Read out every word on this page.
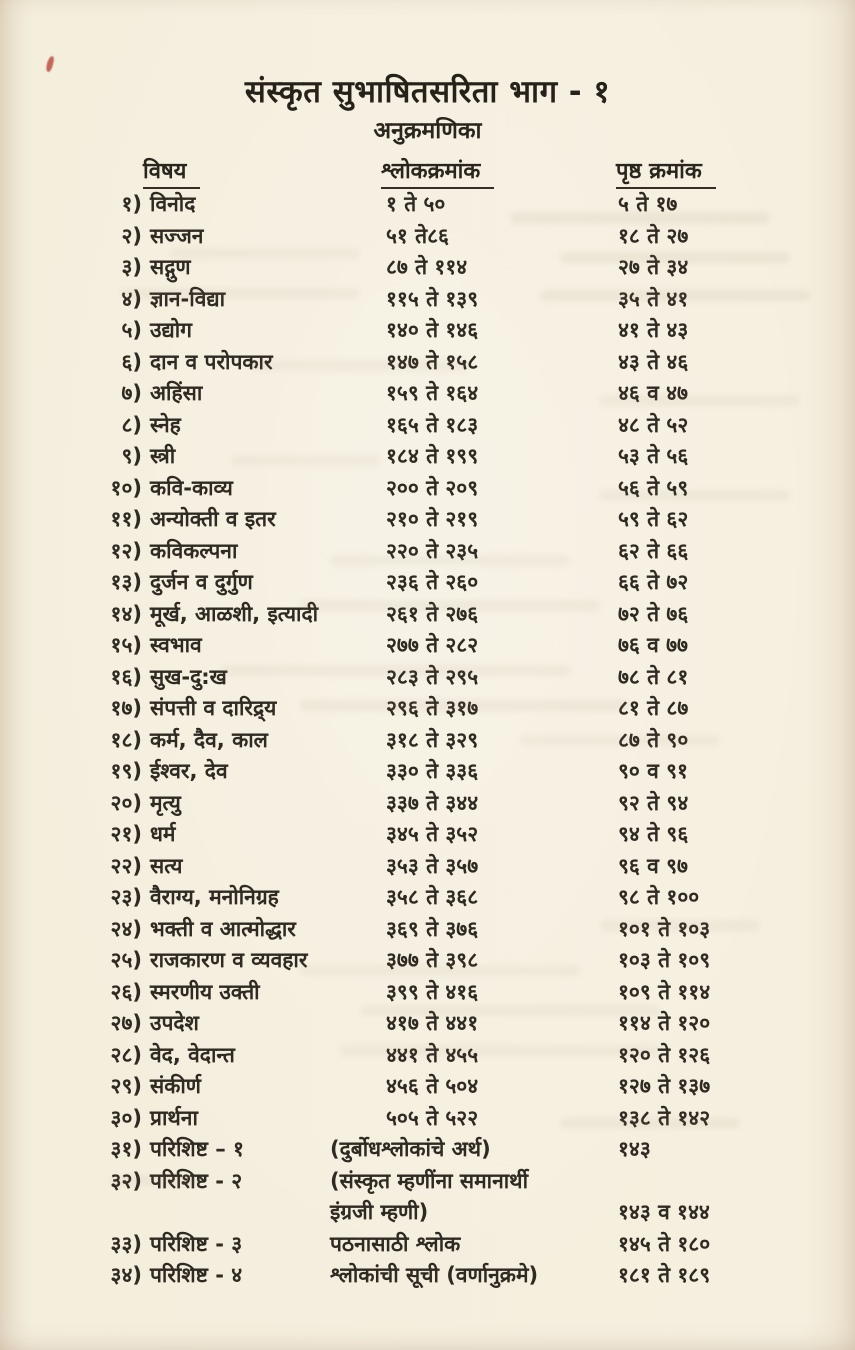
संस्कृत सुभाषितसरिता भाग - १
अनुक्रमणिका
विषय	श्लोकक्रमांक	पृष्ठ क्रमांक
१) विनोद	१ ते ५०	५ ते १७
२) सज्जन	५१ ते८६	१८ ते २७
३) सद्गुण	८७ ते ११४	२७ ते ३४
४) ज्ञान-विद्या	११५ ते १३९	३५ ते ४१
५) उद्योग	१४० ते १४६	४१ ते ४३
६) दान व परोपकार	१४७ ते १५८	४३ ते ४६
७) अहिंसा	१५९ ते १६४	४६ व ४७
८) स्नेह	१६५ ते १८३	४८ ते ५२
९) स्त्री	१८४ ते १९९	५३ ते ५६
१०) कवि-काव्य	२०० ते २०९	५६ ते ५९
११) अन्योक्ती व इतर	२१० ते २१९	५९ ते ६२
१२) कविकल्पना	२२० ते २३५	६२ ते ६६
१३) दुर्जन व दुर्गुण	२३६ ते २६०	६६ ते ७२
१४) मूर्ख, आळशी, इत्यादी	२६१ ते २७६	७२ ते ७६
१५) स्वभाव	२७७ ते २८२	७६ व ७७
१६) सुख-दु:ख	२८३ ते २९५	७८ ते ८१
१७) संपत्ती व दारिद्र्य	२९६ ते ३१७	८१ ते ८७
१८) कर्म, दैव, काल	३१८ ते ३२९	८७ ते ९०
१९) ईश्वर, देव	३३० ते ३३६	९० व ९१
२०) मृत्यु	३३७ ते ३४४	९२ ते ९४
२१) धर्म	३४५ ते ३५२	९४ ते ९६
२२) सत्य	३५३ ते ३५७	९६ व ९७
२३) वैराग्य, मनोनिग्रह	३५८ ते ३६८	९८ ते १००
२४) भक्ती व आत्मोद्धार	३६९ ते ३७६	१०१ ते १०३
२५) राजकारण व व्यवहार	३७७ ते ३९८	१०३ ते १०९
२६) स्मरणीय उक्ती	३९९ ते ४१६	१०९ ते ११४
२७) उपदेश	४१७ ते ४४१	११४ ते १२०
२८) वेद, वेदान्त	४४१ ते ४५५	१२० ते १२६
२९) संकीर्ण	४५६ ते ५०४	१२७ ते १३७
३०) प्रार्थना	५०५ ते ५२२	१३८ ते १४२
३१) परिशिष्ट – १	(दुर्बोधश्लोकांचे अर्थ)	१४३
३२) परिशिष्ट - २	(संस्कृत म्हणींना समानार्थी
इंग्रजी म्हणी)	१४३ व १४४
३३) परिशिष्ट - ३	पठनासाठी श्लोक	१४५ ते १८०
३४) परिशिष्ट - ४	श्लोकांची सूची (वर्णानुक्रमे)	१८१ ते १८९
